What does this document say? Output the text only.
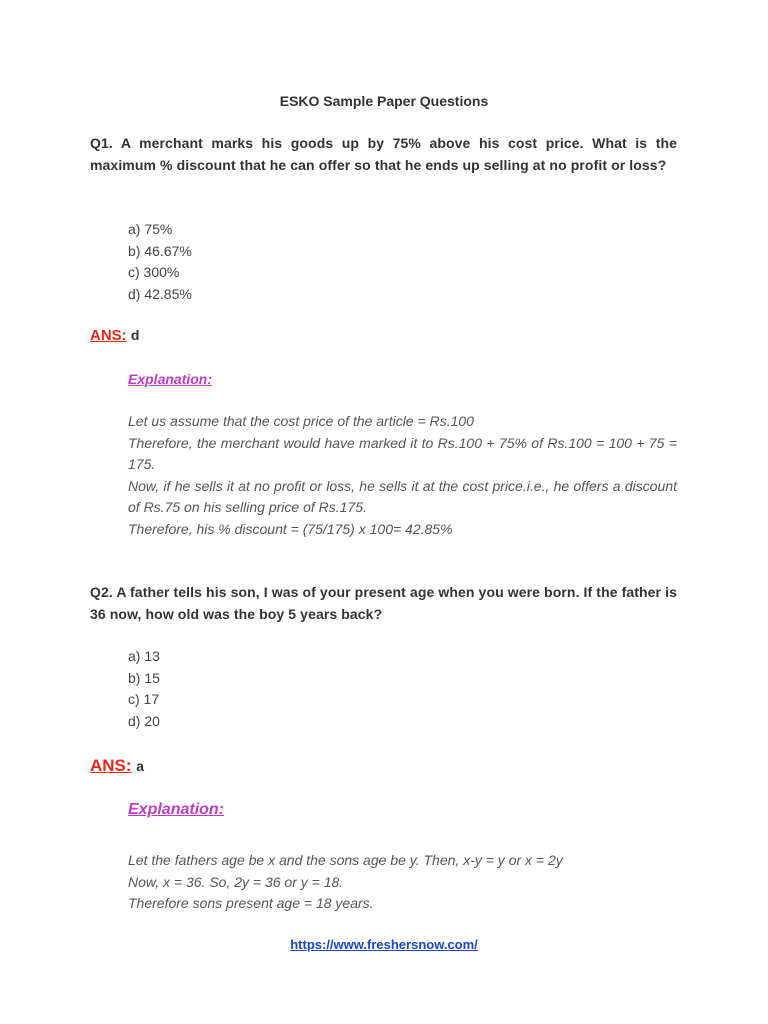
ESKO Sample Paper Questions
Q1. A merchant marks his goods up by 75% above his cost price. What is the maximum % discount that he can offer so that he ends up selling at no profit or loss?
a) 75%
b) 46.67%
c) 300%
d) 42.85%
ANS: d
Explanation:
Let us assume that the cost price of the article = Rs.100
Therefore, the merchant would have marked it to Rs.100 + 75% of Rs.100 = 100 + 75 = 175.
Now, if he sells it at no profit or loss, he sells it at the cost price.i.e., he offers a discount of Rs.75 on his selling price of Rs.175.
Therefore, his % discount = (75/175) x 100= 42.85%
Q2. A father tells his son, I was of your present age when you were born. If the father is 36 now, how old was the boy 5 years back?
a) 13
b) 15
c) 17
d) 20
ANS: a
Explanation:
Let the fathers age be x and the sons age be y. Then, x-y = y or x = 2y
Now, x = 36. So, 2y = 36 or y = 18.
Therefore sons present age = 18 years.
https://www.freshersnow.com/
